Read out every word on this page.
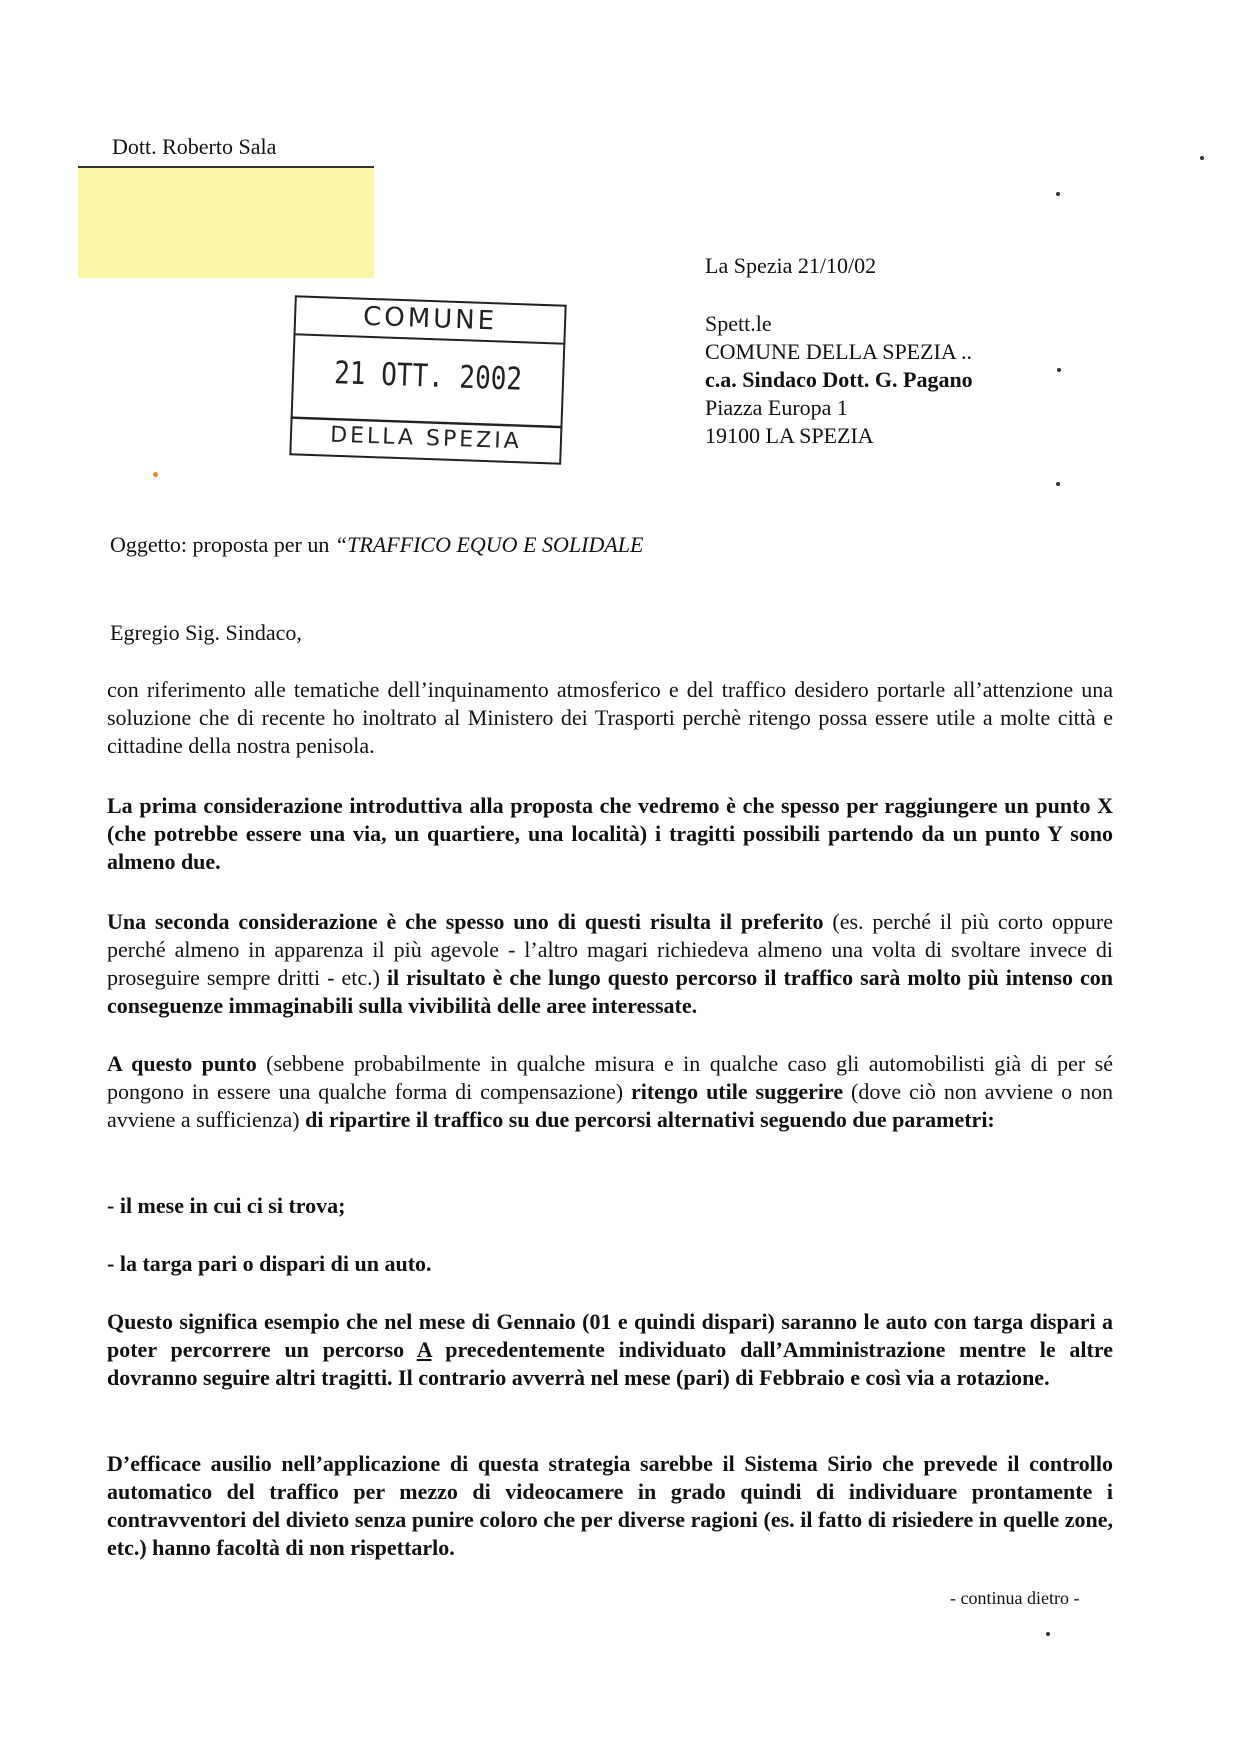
Dott. Roberto Sala
COMUNE
21 OTT. 2002
DELLA SPEZIA
La Spezia 21/10/02
Spett.le
COMUNE DELLA SPEZIA ..
c.a. Sindaco Dott. G. Pagano
Piazza Europa 1
19100 LA SPEZIA
Oggetto: proposta per un “TRAFFICO EQUO E SOLIDALE
Egregio Sig. Sindaco,
con riferimento alle tematiche dell’inquinamento atmosferico e del traffico desidero portarle all’attenzione una soluzione che di recente ho inoltrato al Ministero dei Trasporti perchè ritengo possa essere utile a molte città e cittadine della nostra penisola.
La prima considerazione introduttiva alla proposta che vedremo è che spesso per raggiungere un punto X (che potrebbe essere una via, un quartiere, una località) i tragitti possibili partendo da un punto Y sono almeno due.
Una seconda considerazione è che spesso uno di questi risulta il preferito (es. perché il più corto oppure perché almeno in apparenza il più agevole - l’altro magari richiedeva almeno una volta di svoltare invece di proseguire sempre dritti - etc.) il risultato è che lungo questo percorso il traffico sarà molto più intenso con conseguenze immaginabili sulla vivibilità delle aree interessate.
A questo punto (sebbene probabilmente in qualche misura e in qualche caso gli automobilisti già di per sé pongono in essere una qualche forma di compensazione) ritengo utile suggerire (dove ciò non avviene o non avviene a sufficienza) di ripartire il traffico su due percorsi alternativi seguendo due parametri:
- il mese in cui ci si trova;
- la targa pari o dispari di un auto.
Questo significa esempio che nel mese di Gennaio (01 e quindi dispari) saranno le auto con targa dispari a poter percorrere un percorso A precedentemente individuato dall’Amministrazione mentre le altre dovranno seguire altri tragitti. Il contrario avverrà nel mese (pari) di Febbraio e così via a rotazione.
D’efficace ausilio nell’applicazione di questa strategia sarebbe il Sistema Sirio che prevede il controllo automatico del traffico per mezzo di videocamere in grado quindi di individuare prontamente i contravventori del divieto senza punire coloro che per diverse ragioni (es. il fatto di risiedere in quelle zone, etc.) hanno facoltà di non rispettarlo.
- continua dietro -
